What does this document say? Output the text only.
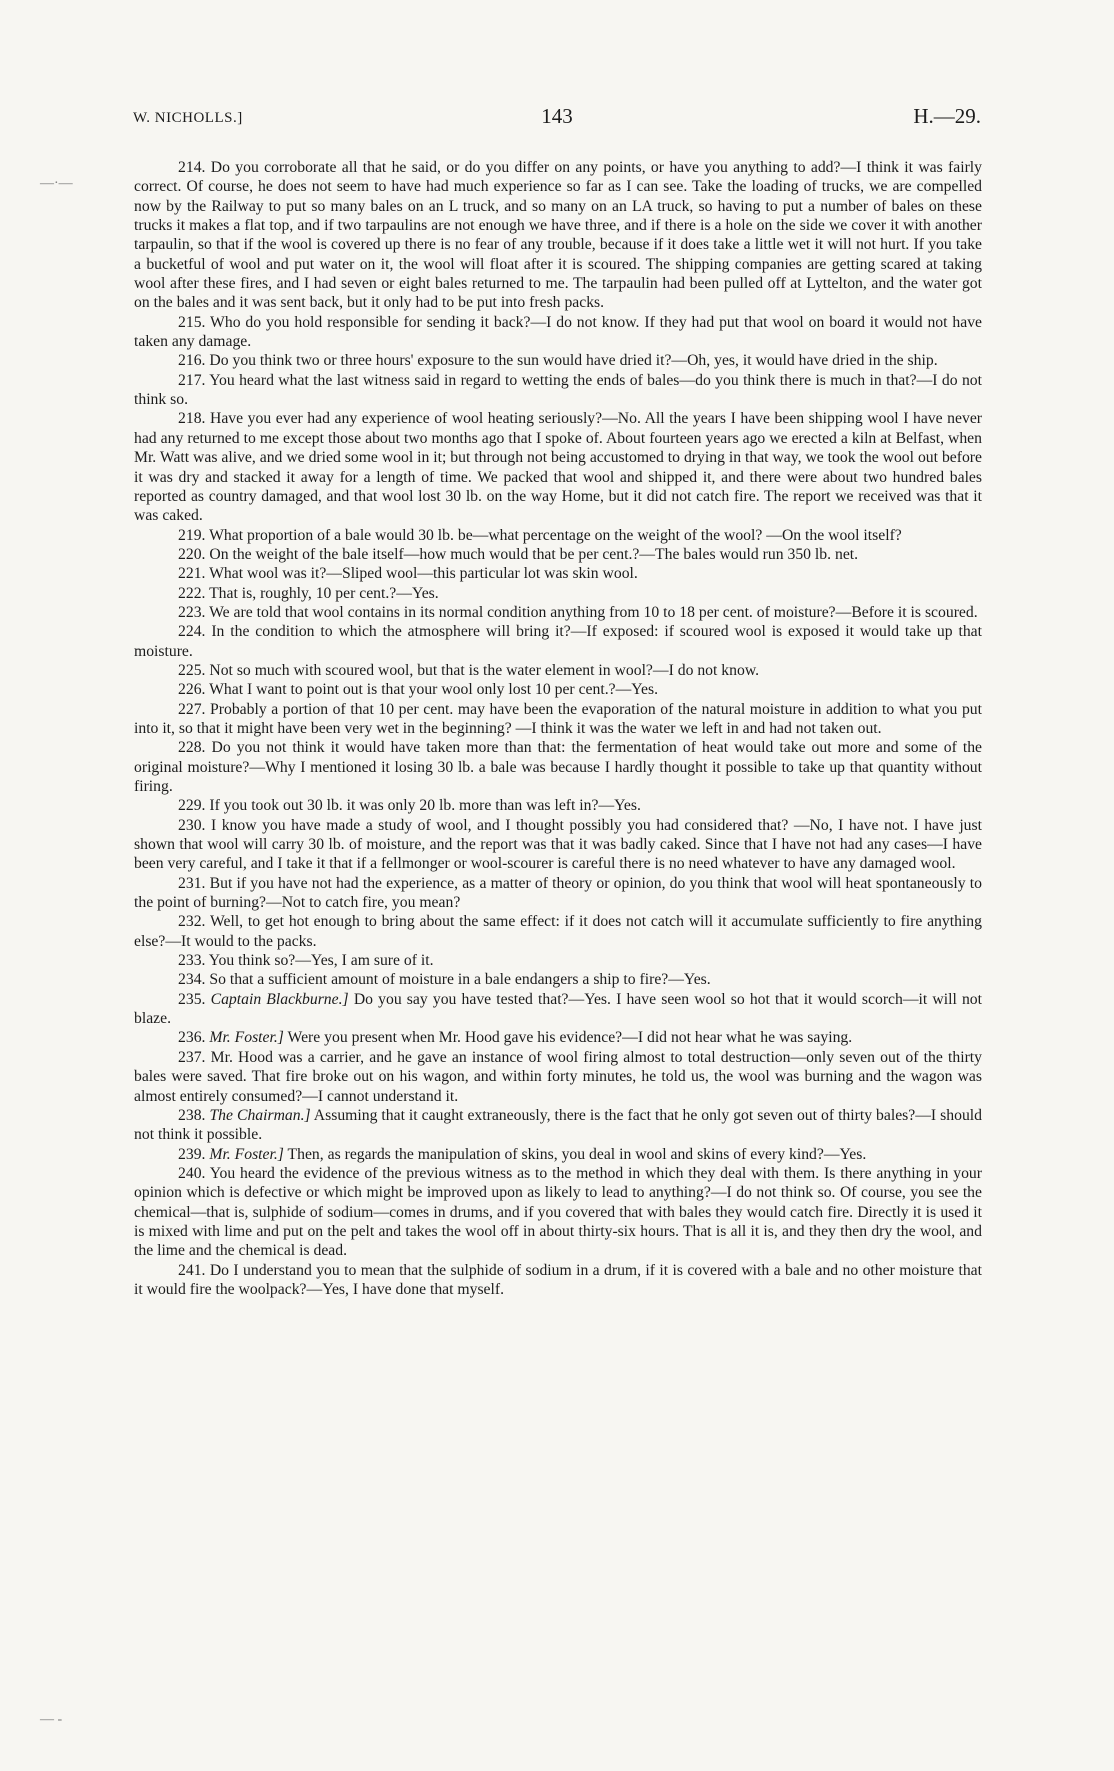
W. NICHOLLS.]	143	H.—29.
—·—
— ‑

214. Do you corroborate all that he said, or do you differ on any points, or have you anything to add?—I think it was fairly correct. Of course, he does not seem to have had much experience so far as I can see. Take the loading of trucks, we are compelled now by the Railway to put so many bales on an L truck, and so many on an LA truck, so having to put a number of bales on these trucks it makes a flat top, and if two tarpaulins are not enough we have three, and if there is a hole on the side we cover it with another tarpaulin, so that if the wool is covered up there is no fear of any trouble, because if it does take a little wet it will not hurt. If you take a bucketful of wool and put water on it, the wool will float after it is scoured. The shipping companies are getting scared at taking wool after these fires, and I had seven or eight bales returned to me. The tarpaulin had been pulled off at Lyttelton, and the water got on the bales and it was sent back, but it only had to be put into fresh packs.

215. Who do you hold responsible for sending it back?—I do not know. If they had put that wool on board it would not have taken any damage.

216. Do you think two or three hours' exposure to the sun would have dried it?—Oh, yes, it would have dried in the ship.

217. You heard what the last witness said in regard to wetting the ends of bales—do you think there is much in that?—I do not think so.

218. Have you ever had any experience of wool heating seriously?—No. All the years I have been shipping wool I have never had any returned to me except those about two months ago that I spoke of. About fourteen years ago we erected a kiln at Belfast, when Mr. Watt was alive, and we dried some wool in it; but through not being accustomed to drying in that way, we took the wool out before it was dry and stacked it away for a length of time. We packed that wool and shipped it, and there were about two hundred bales reported as country damaged, and that wool lost 30 lb. on the way Home, but it did not catch fire. The report we received was that it was caked.

219. What proportion of a bale would 30 lb. be—what percentage on the weight of the wool? —On the wool itself?

220. On the weight of the bale itself—how much would that be per cent.?—The bales would run 350 lb. net.

221. What wool was it?—Sliped wool—this particular lot was skin wool.

222. That is, roughly, 10 per cent.?—Yes.

223. We are told that wool contains in its normal condition anything from 10 to 18 per cent. of moisture?—Before it is scoured.

224. In the condition to which the atmosphere will bring it?—If exposed: if scoured wool is exposed it would take up that moisture.

225. Not so much with scoured wool, but that is the water element in wool?—I do not know.

226. What I want to point out is that your wool only lost 10 per cent.?—Yes.

227. Probably a portion of that 10 per cent. may have been the evaporation of the natural moisture in addition to what you put into it, so that it might have been very wet in the beginning? —I think it was the water we left in and had not taken out.

228. Do you not think it would have taken more than that: the fermentation of heat would take out more and some of the original moisture?—Why I mentioned it losing 30 lb. a bale was because I hardly thought it possible to take up that quantity without firing.

229. If you took out 30 lb. it was only 20 lb. more than was left in?—Yes.

230. I know you have made a study of wool, and I thought possibly you had considered that? —No, I have not. I have just shown that wool will carry 30 lb. of moisture, and the report was that it was badly caked. Since that I have not had any cases—I have been very careful, and I take it that if a fellmonger or wool-scourer is careful there is no need whatever to have any damaged wool.

231. But if you have not had the experience, as a matter of theory or opinion, do you think that wool will heat spontaneously to the point of burning?—Not to catch fire, you mean?

232. Well, to get hot enough to bring about the same effect: if it does not catch will it accumulate sufficiently to fire anything else?—It would to the packs.

233. You think so?—Yes, I am sure of it.

234. So that a sufficient amount of moisture in a bale endangers a ship to fire?—Yes.

235. Captain Blackburne.] Do you say you have tested that?—Yes. I have seen wool so hot that it would scorch—it will not blaze.

236. Mr. Foster.] Were you present when Mr. Hood gave his evidence?—I did not hear what he was saying.

237. Mr. Hood was a carrier, and he gave an instance of wool firing almost to total destruction—only seven out of the thirty bales were saved. That fire broke out on his wagon, and within forty minutes, he told us, the wool was burning and the wagon was almost entirely consumed?—I cannot understand it.

238. The Chairman.] Assuming that it caught extraneously, there is the fact that he only got seven out of thirty bales?—I should not think it possible.

239. Mr. Foster.] Then, as regards the manipulation of skins, you deal in wool and skins of every kind?—Yes.

240. You heard the evidence of the previous witness as to the method in which they deal with them. Is there anything in your opinion which is defective or which might be improved upon as likely to lead to anything?—I do not think so. Of course, you see the chemical—that is, sulphide of sodium—comes in drums, and if you covered that with bales they would catch fire. Directly it is used it is mixed with lime and put on the pelt and takes the wool off in about thirty-six hours. That is all it is, and they then dry the wool, and the lime and the chemical is dead.

241. Do I understand you to mean that the sulphide of sodium in a drum, if it is covered with a bale and no other moisture that it would fire the woolpack?—Yes, I have done that myself.
